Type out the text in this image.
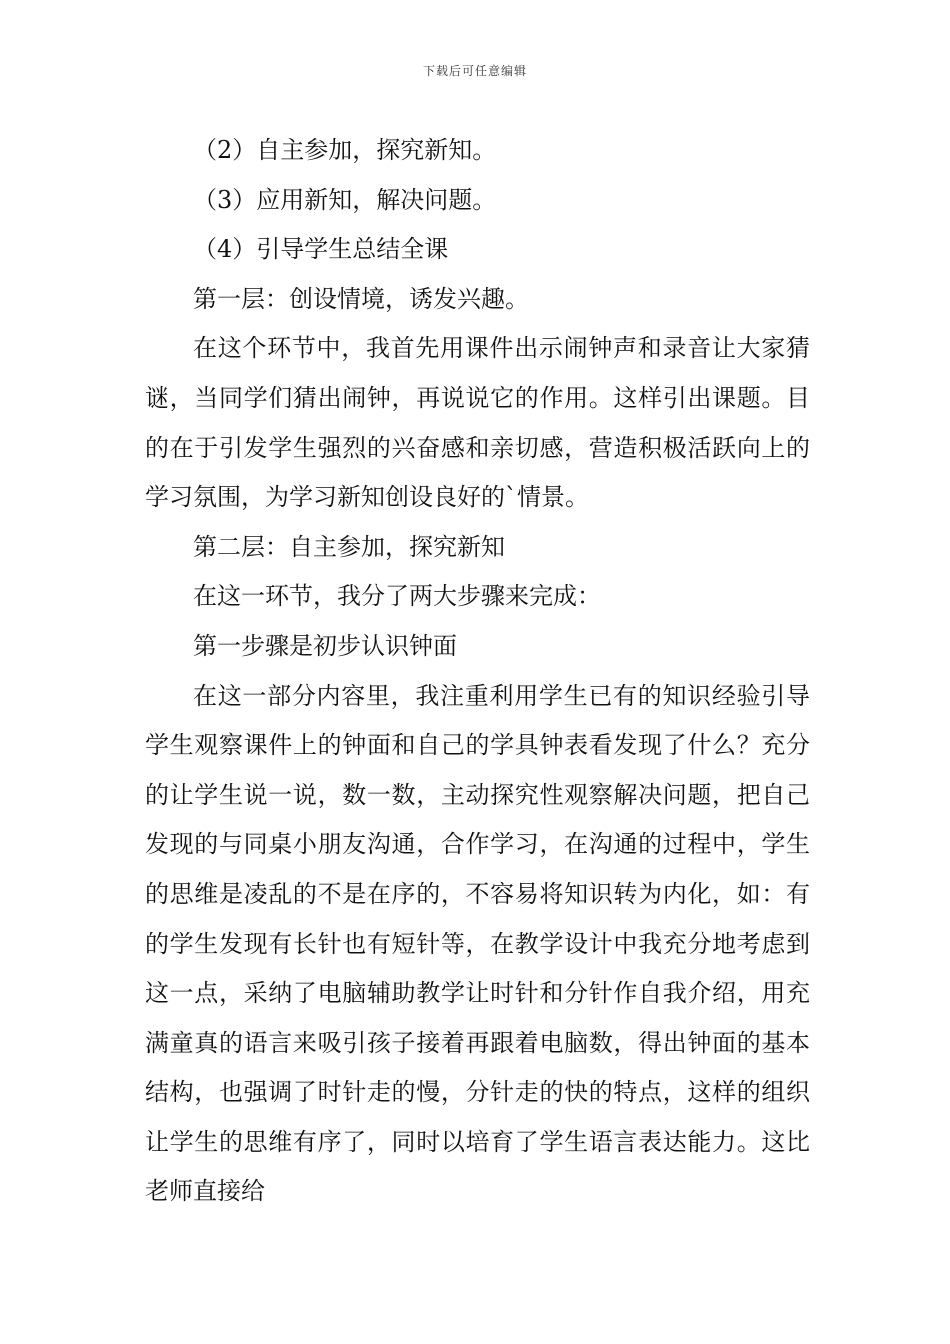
下载后可任意编辑

（2）自主参加，探究新知。

（3）应用新知，解决问题。

（4）引导学生总结全课

第一层：创设情境，诱发兴趣。

在这个环节中，我首先用课件出示闹钟声和录音让大家猜谜，当同学们猜出闹钟，再说说它的作用。这样引出课题。目的在于引发学生强烈的兴奋感和亲切感，营造积极活跃向上的学习氛围，为学习新知创设良好的`情景。

第二层：自主参加，探究新知

在这一环节，我分了两大步骤来完成：

第一步骤是初步认识钟面

在这一部分内容里，我注重利用学生已有的知识经验引导学生观察课件上的钟面和自己的学具钟表看发现了什么？充分的让学生说一说，数一数，主动探究性观察解决问题，把自己发现的与同桌小朋友沟通，合作学习，在沟通的过程中，学生的思维是凌乱的不是在序的，不容易将知识转为内化，如：有的学生发现有长针也有短针等，在教学设计中我充分地考虑到这一点，采纳了电脑辅助教学让时针和分针作自我介绍，用充满童真的语言来吸引孩子接着再跟着电脑数，得出钟面的基本结构，也强调了时针走的慢，分针走的快的特点，这样的组织让学生的思维有序了，同时以培育了学生语言表达能力。这比老师直接给
